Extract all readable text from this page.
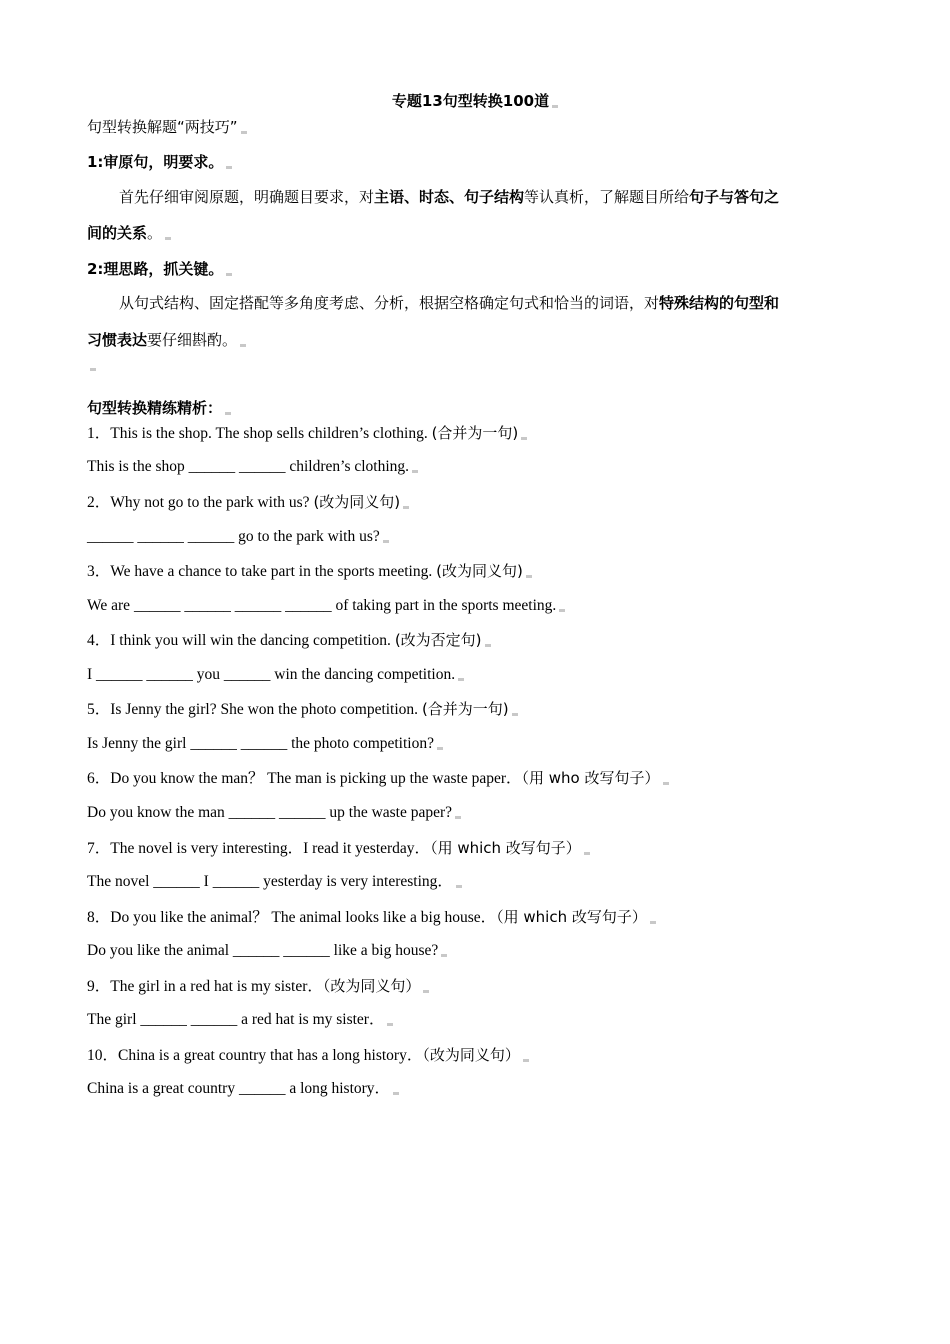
专题13句型转换100道
句型转换解题“两技巧”
1:审原句，明要求。
首先仔细审阅原题，明确题目要求，对主语、时态、句子结构等认真析，了解题目所给句子与答句之
间的关系。
2:理思路，抓关键。
从句式结构、固定搭配等多角度考虑、分析，根据空格确定句式和恰当的词语，对特殊结构的句型和
习惯表达要仔细斟酌。
句型转换精练精析：
1．This is the shop. The shop sells children’s clothing. (合并为一句)
This is the shop ______ ______ children’s clothing.
2．Why not go to the park with us? (改为同义句)
______ ______ ______ go to the park with us?
3．We have a chance to take part in the sports meeting. (改为同义句)
We are ______ ______ ______ ______ of taking part in the sports meeting.
4．I think you will win the dancing competition. (改为否定句)
I ______ ______ you ______ win the dancing competition.
5．Is Jenny the girl? She won the photo competition. (合并为一句)
Is Jenny the girl ______ ______ the photo competition?
6．Do you know the man？ The man is picking up the waste paper．（用 who 改写句子）
Do you know the man ______ ______ up the waste paper?
7．The novel is very interesting．I read it yesterday．（用 which 改写句子）
The novel ______ I ______ yesterday is very interesting．
8．Do you like the animal？ The animal looks like a big house．（用 which 改写句子）
Do you like the animal ______ ______ like a big house?
9．The girl in a red hat is my sister．（改为同义句）
The girl ______ ______ a red hat is my sister．
10．China is a great country that has a long history．（改为同义句）
China is a great country ______ a long history．
